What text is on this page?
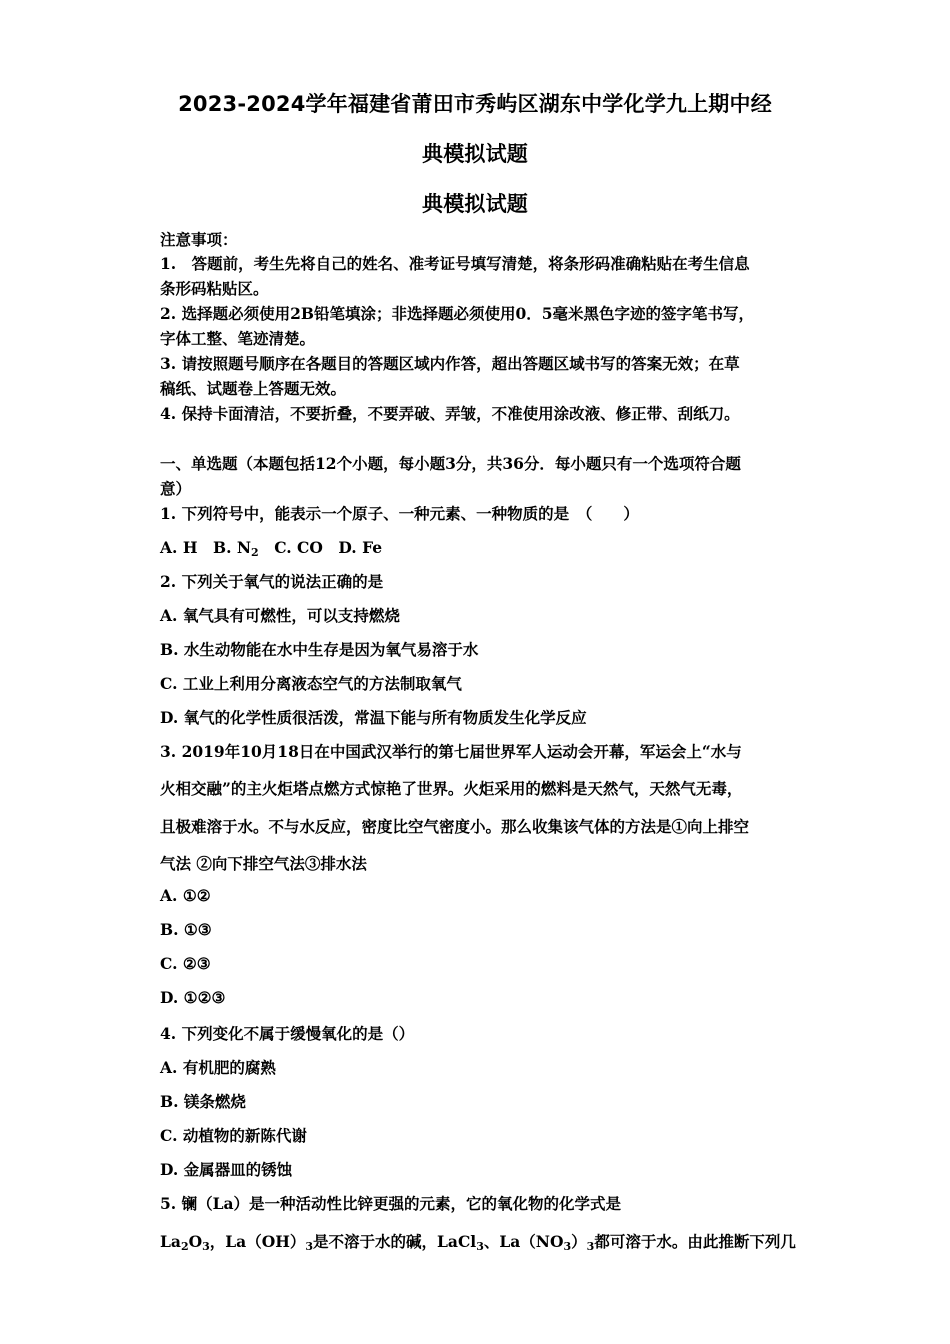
2023-2024学年福建省莆田市秀屿区湖东中学化学九上期中经
典模拟试题
典模拟试题
注意事项：
1.　答题前，考生先将自己的姓名、准考证号填写清楚，将条形码准确粘贴在考生信息
条形码粘贴区。
2. 选择题必须使用2B铅笔填涂；非选择题必须使用0．5毫米黑色字迹的签字笔书写，
字体工整、笔迹清楚。
3. 请按照题号顺序在各题目的答题区域内作答，超出答题区域书写的答案无效；在草
稿纸、试题卷上答题无效。
4. 保持卡面清洁，不要折叠，不要弄破、弄皱，不准使用涂改液、修正带、刮纸刀。
一、单选题（本题包括12个小题，每小题3分，共36分．每小题只有一个选项符合题
意）
1. 下列符号中，能表示一个原子、一种元素、一种物质的是　（　　）
A. H　B. $N_2$　C. CO　D. Fe
2. 下列关于氧气的说法正确的是
A. 氧气具有可燃性，可以支持燃烧
B. 水生动物能在水中生存是因为氧气易溶于水
C. 工业上利用分离液态空气的方法制取氧气
D. 氧气的化学性质很活泼，常温下能与所有物质发生化学反应
3. 2019年10月18日在中国武汉举行的第七届世界军人运动会开幕，军运会上“水与
火相交融”的主火炬塔点燃方式惊艳了世界。火炬采用的燃料是天然气，天然气无毒，
且极难溶于水。不与水反应，密度比空气密度小。那么收集该气体的方法是①向上排空
气法 ②向下排空气法③排水法
A. ①②
B. ①③
C. ②③
D. ①②③
4. 下列变化不属于缓慢氧化的是（）
A. 有机肥的腐熟
B. 镁条燃烧
C. 动植物的新陈代谢
D. 金属器皿的锈蚀
5. 镧（La）是一种活动性比锌更强的元素，它的氧化物的化学式是
$La_2O_3$，$La(OH)_3$是不溶于水的碱，LaCl$_3$、$La(NO_3)_3$都可溶于水。由此推断下列几
